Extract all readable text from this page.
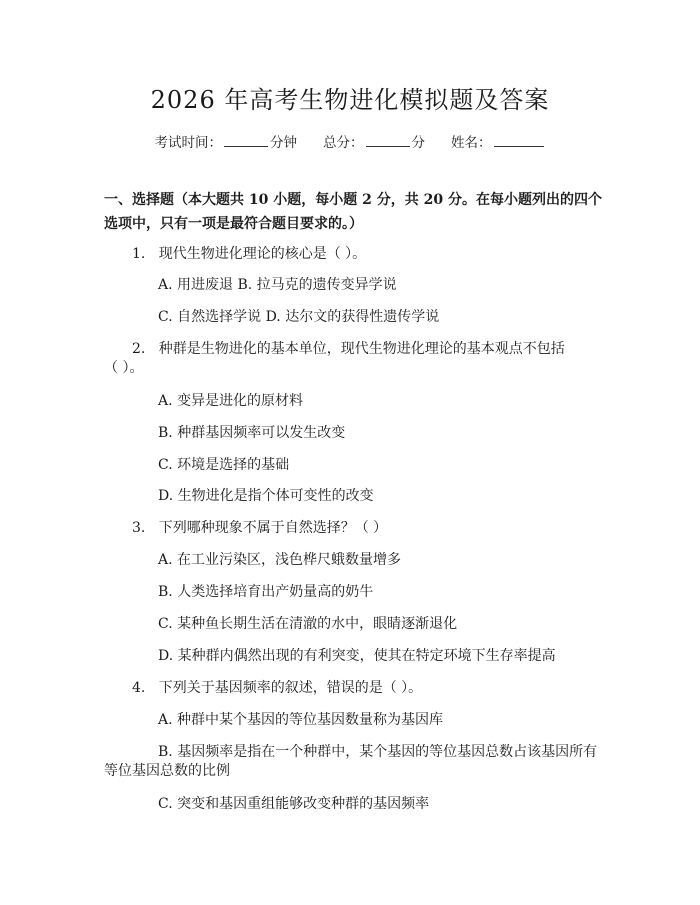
2026 年高考生物进化模拟题及答案
考试时间：	分钟 总分：	分 姓名：
一、选择题（本大题共 10 小题，每小题 2 分，共 20 分。在每小题列出的四个选项中，只有一项是最符合题目要求的。）
1. 现代生物进化理论的核心是（ ）。
A. 用进废退 B. 拉马克的遗传变异学说
C. 自然选择学说 D. 达尔文的获得性遗传学说
2. 种群是生物进化的基本单位，现代生物进化理论的基本观点不包括
（ ）。
A. 变异是进化的原材料
B. 种群基因频率可以发生改变
C. 环境是选择的基础
D. 生物进化是指个体可变性的改变
3. 下列哪种现象不属于自然选择？（ ）
A. 在工业污染区，浅色桦尺蛾数量增多
B. 人类选择培育出产奶量高的奶牛
C. 某种鱼长期生活在清澈的水中，眼睛逐渐退化
D. 某种群内偶然出现的有利突变，使其在特定环境下生存率提高
4. 下列关于基因频率的叙述，错误的是（ ）。
A. 种群中某个基因的等位基因数量称为基因库
B. 基因频率是指在一个种群中，某个基因的等位基因总数占该基因所有
等位基因总数的比例
C. 突变和基因重组能够改变种群的基因频率
